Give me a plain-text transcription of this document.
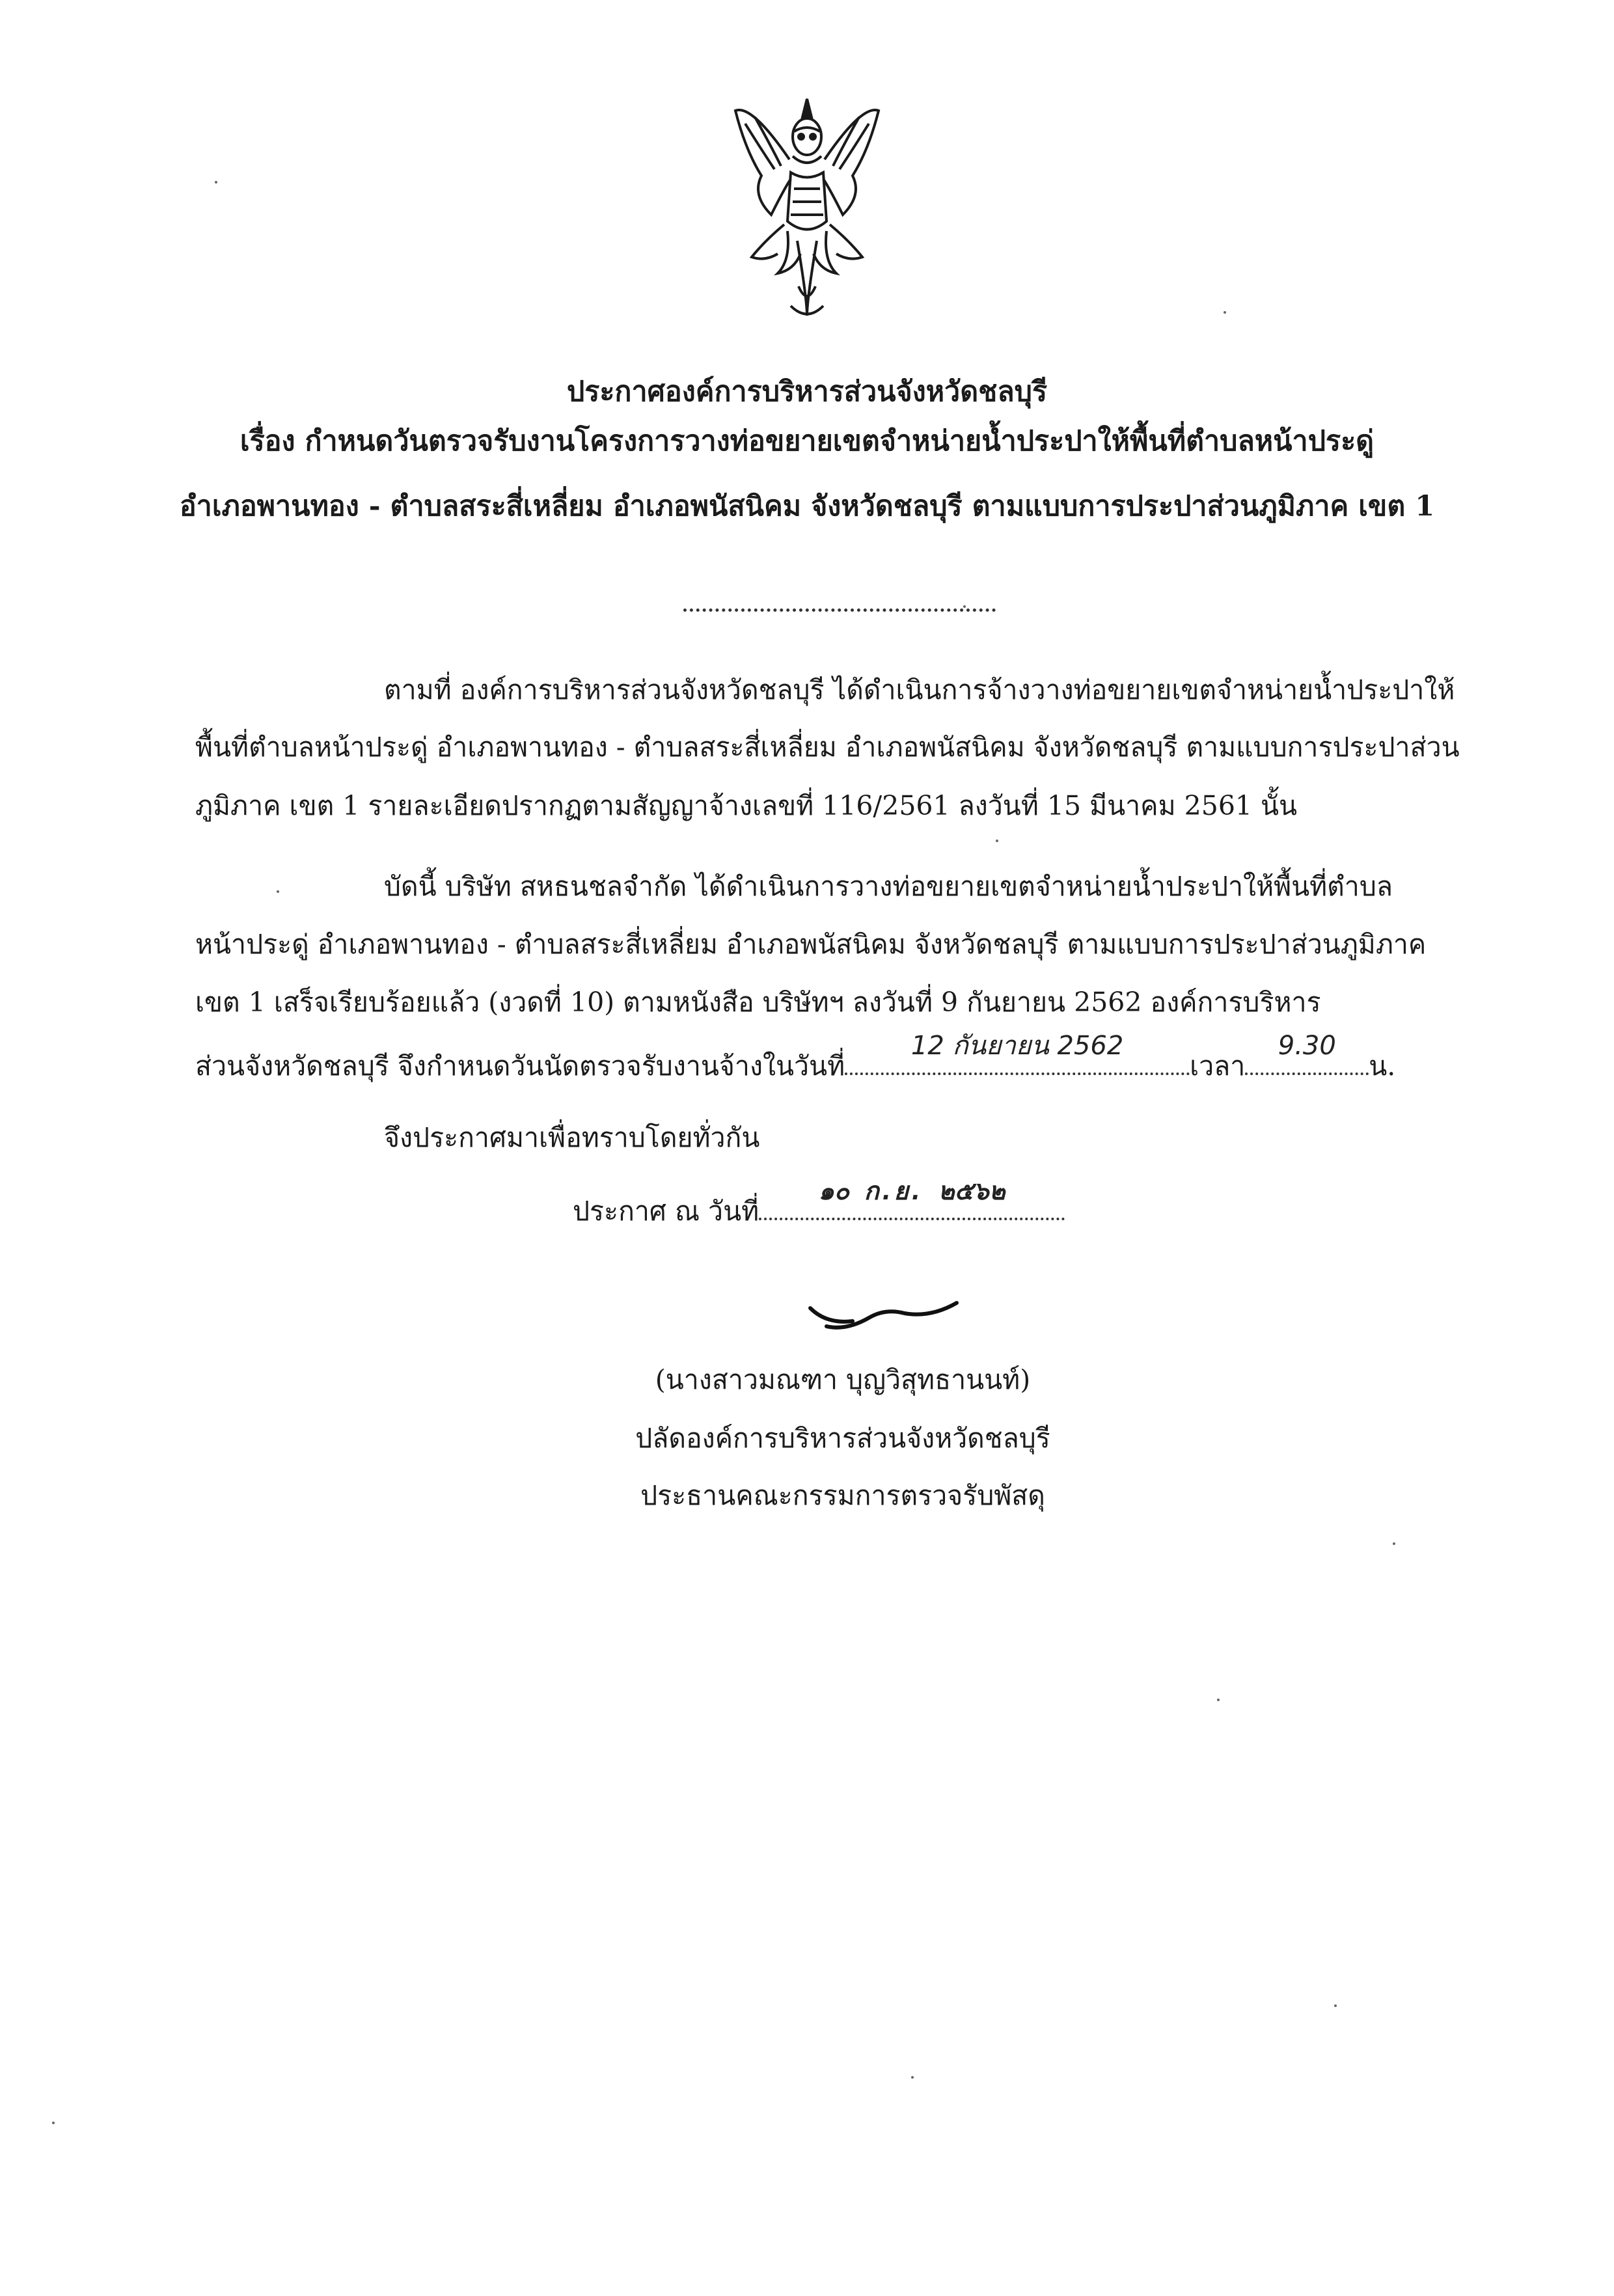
ประกาศองค์การบริหารส่วนจังหวัดชลบุรี
เรื่อง กำหนดวันตรวจรับงานโครงการวางท่อขยายเขตจำหน่ายน้ำประปาให้พื้นที่ตำบลหน้าประดู่
อำเภอพานทอง - ตำบลสระสี่เหลี่ยม อำเภอพนัสนิคม จังหวัดชลบุรี ตามแบบการประปาส่วนภูมิภาค เขต 1
ตามที่ องค์การบริหารส่วนจังหวัดชลบุรี ได้ดำเนินการจ้างวางท่อขยายเขตจำหน่ายน้ำประปาให้
พื้นที่ตำบลหน้าประดู่ อำเภอพานทอง - ตำบลสระสี่เหลี่ยม อำเภอพนัสนิคม จังหวัดชลบุรี ตามแบบการประปาส่วน
ภูมิภาค เขต 1 รายละเอียดปรากฏตามสัญญาจ้างเลขที่ 116/2561 ลงวันที่ 15 มีนาคม 2561 นั้น
บัดนี้ บริษัท สหธนชลจำกัด ได้ดำเนินการวางท่อขยายเขตจำหน่ายน้ำประปาให้พื้นที่ตำบล
หน้าประดู่ อำเภอพานทอง - ตำบลสระสี่เหลี่ยม อำเภอพนัสนิคม จังหวัดชลบุรี ตามแบบการประปาส่วนภูมิภาค
เขต 1 เสร็จเรียบร้อยแล้ว (งวดที่ 10) ตามหนังสือ บริษัทฯ ลงวันที่ 9 กันยายน 2562 องค์การบริหาร
ส่วนจังหวัดชลบุรี จึงกำหนดวันนัดตรวจรับงานจ้างในวันที่
12 กันยายน 2562
เวลา
9.30
น.
จึงประกาศมาเพื่อทราบโดยทั่วกัน
ประกาศ ณ วันที่
๑๐ ก.ย. ๒๕๖๒
(นางสาวมณฑา บุญวิสุทธานนท์)
ปลัดองค์การบริหารส่วนจังหวัดชลบุรี
ประธานคณะกรรมการตรวจรับพัสดุ
